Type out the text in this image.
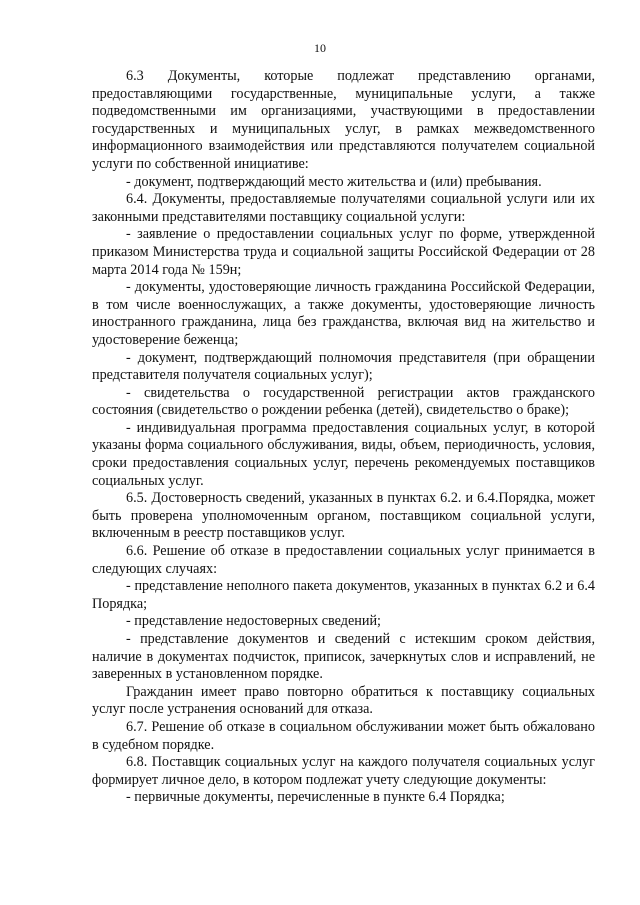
10

6.3 Документы, которые подлежат представлению органами, предоставляющими государственные, муниципальные услуги, а также подведомственными им организациями, участвующими в предоставлении государственных и муниципальных услуг, в рамках межведомственного информационного взаимодействия или представляются получателем социальной услуги по собственной инициативе:

- документ, подтверждающий место жительства и (или) пребывания.

6.4. Документы, предоставляемые получателями социальной услуги или их законными представителями поставщику социальной услуги:

- заявление о предоставлении социальных услуг по форме, утвержденной приказом Министерства труда и социальной защиты Российской Федерации от 28 марта 2014 года № 159н;

- документы, удостоверяющие личность гражданина Российской Федерации, в том числе военнослужащих, а также документы, удостоверяющие личность иностранного гражданина, лица без гражданства, включая вид на жительство и удостоверение беженца;

- документ, подтверждающий полномочия представителя (при обращении представителя получателя социальных услуг);

- свидетельства о государственной регистрации актов гражданского состояния (свидетельство о рождении ребенка (детей), свидетельство о браке);

- индивидуальная программа предоставления социальных услуг, в которой указаны форма социального обслуживания, виды, объем, периодичность, условия, сроки предоставления социальных услуг, перечень рекомендуемых поставщиков социальных услуг.

6.5. Достоверность сведений, указанных в пунктах 6.2. и 6.4.Порядка, может быть проверена уполномоченным органом, поставщиком социальной услуги, включенным в реестр поставщиков услуг.

6.6. Решение об отказе в предоставлении социальных услуг принимается в следующих случаях:

- представление неполного пакета документов, указанных в пунктах 6.2 и 6.4 Порядка;

- представление недостоверных сведений;

- представление документов и сведений с истекшим сроком действия, наличие в документах подчисток, приписок, зачеркнутых слов и исправлений, не заверенных в установленном порядке.

Гражданин имеет право повторно обратиться к поставщику социальных услуг после устранения оснований для отказа.

6.7. Решение об отказе в социальном обслуживании может быть обжаловано в судебном порядке.

6.8. Поставщик социальных услуг на каждого получателя социальных услуг формирует личное дело, в котором подлежат учету следующие документы:

- первичные документы, перечисленные в пункте 6.4 Порядка;
